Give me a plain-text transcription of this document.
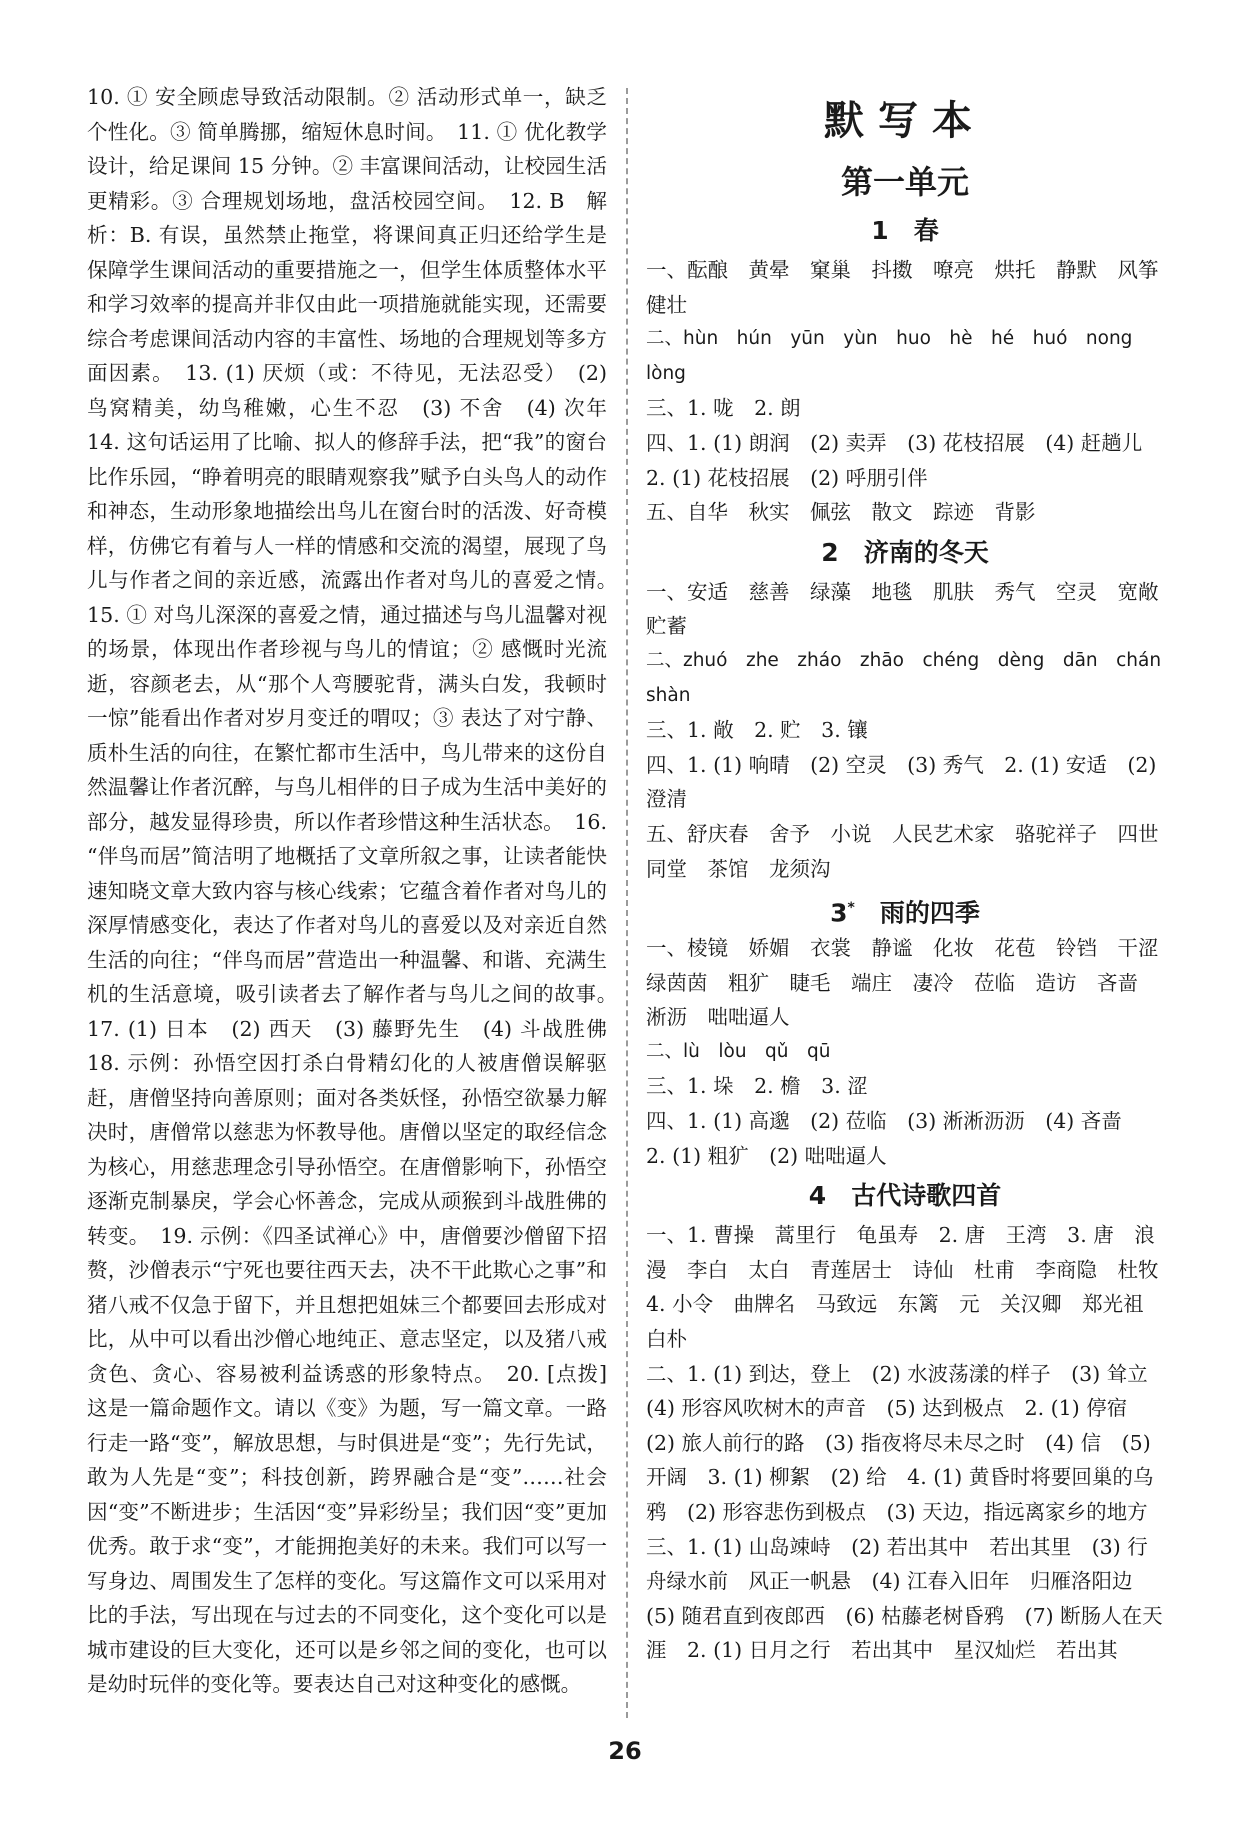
10. ① 安全顾虑导致活动限制。② 活动形式单一，缺乏个性化。③ 简单腾挪，缩短休息时间。　11. ① 优化教学设计，给足课间 15 分钟。② 丰富课间活动，让校园生活更精彩。③ 合理规划场地，盘活校园空间。　12. B　解析：B. 有误，虽然禁止拖堂，将课间真正归还给学生是保障学生课间活动的重要措施之一，但学生体质整体水平和学习效率的提高并非仅由此一项措施就能实现，还需要综合考虑课间活动内容的丰富性、场地的合理规划等多方面因素。　13. (1) 厌烦（或：不待见，无法忍受）　(2) 鸟窝精美，幼鸟稚嫩，心生不忍　(3) 不舍　(4) 次年　14. 这句话运用了比喻、拟人的修辞手法，把“我”的窗台比作乐园，“睁着明亮的眼睛观察我”赋予白头鸟人的动作和神态，生动形象地描绘出鸟儿在窗台时的活泼、好奇模样，仿佛它有着与人一样的情感和交流的渴望，展现了鸟儿与作者之间的亲近感，流露出作者对鸟儿的喜爱之情。　15. ① 对鸟儿深深的喜爱之情，通过描述与鸟儿温馨对视的场景，体现出作者珍视与鸟儿的情谊；② 感慨时光流逝，容颜老去，从“那个人弯腰驼背，满头白发，我顿时一惊”能看出作者对岁月变迁的喟叹；③ 表达了对宁静、质朴生活的向往，在繁忙都市生活中，鸟儿带来的这份自然温馨让作者沉醉，与鸟儿相伴的日子成为生活中美好的部分，越发显得珍贵，所以作者珍惜这种生活状态。　16. “伴鸟而居”简洁明了地概括了文章所叙之事，让读者能快速知晓文章大致内容与核心线索；它蕴含着作者对鸟儿的深厚情感变化，表达了作者对鸟儿的喜爱以及对亲近自然生活的向往；“伴鸟而居”营造出一种温馨、和谐、充满生机的生活意境，吸引读者去了解作者与鸟儿之间的故事。　17. (1) 日本　(2) 西天　(3) 藤野先生　(4) 斗战胜佛　18. 示例：孙悟空因打杀白骨精幻化的人被唐僧误解驱赶，唐僧坚持向善原则；面对各类妖怪，孙悟空欲暴力解决时，唐僧常以慈悲为怀教导他。唐僧以坚定的取经信念为核心，用慈悲理念引导孙悟空。在唐僧影响下，孙悟空逐渐克制暴戾，学会心怀善念，完成从顽猴到斗战胜佛的转变。　19. 示例：《四圣试禅心》中，唐僧要沙僧留下招赘，沙僧表示“宁死也要往西天去，决不干此欺心之事”和猪八戒不仅急于留下，并且想把姐妹三个都要回去形成对比，从中可以看出沙僧心地纯正、意志坚定，以及猪八戒贪色、贪心、容易被利益诱惑的形象特点。　20. [点拨] 这是一篇命题作文。请以《变》为题，写一篇文章。一路行走一路“变”，解放思想，与时俱进是“变”；先行先试，敢为人先是“变”；科技创新，跨界融合是“变”……社会因“变”不断进步；生活因“变”异彩纷呈；我们因“变”更加优秀。敢于求“变”，才能拥抱美好的未来。我们可以写一写身边、周围发生了怎样的变化。写这篇作文可以采用对比的手法，写出现在与过去的不同变化，这个变化可以是城市建设的巨大变化，还可以是乡邻之间的变化，也可以是幼时玩伴的变化等。要表达自己对这种变化的感慨。

默写本
第一单元
1　春

一、酝酿　黄晕　窠巢　抖擞　嘹亮　烘托　静默　风筝　健壮

二、hùn　hún　yūn　yùn　huo　hè　hé　huó　nong　lòng

三、1. 咙　2. 朗

四、1. (1) 朗润　(2) 卖弄　(3) 花枝招展　(4) 赶趟儿

2. (1) 花枝招展　(2) 呼朋引伴

五、自华　秋实　佩弦　散文　踪迹　背影

2　济南的冬天

一、安适　慈善　绿藻　地毯　肌肤　秀气　空灵　宽敞　贮蓄

二、zhuó　zhe　zháo　zhāo　chéng　dèng　dān　chán　shàn

三、1. 敞　2. 贮　3. 镶

四、1. (1) 响晴　(2) 空灵　(3) 秀气　2. (1) 安适　(2) 澄清

五、舒庆春　舍予　小说　人民艺术家　骆驼祥子　四世同堂　茶馆　龙须沟

3*　雨的四季

一、棱镜　娇媚　衣裳　静谧　化妆　花苞　铃铛　干涩　绿茵茵　粗犷　睫毛　端庄　凄冷　莅临　造访　吝啬　淅沥　咄咄逼人

二、lù　lòu　qǔ　qū

三、1. 垛　2. 檐　3. 涩

四、1. (1) 高邈　(2) 莅临　(3) 淅淅沥沥　(4) 吝啬

2. (1) 粗犷　(2) 咄咄逼人

4　古代诗歌四首

一、1. 曹操　蒿里行　龟虽寿　2. 唐　王湾　3. 唐　浪漫　李白　太白　青莲居士　诗仙　杜甫　李商隐　杜牧　4. 小令　曲牌名　马致远　东篱　元　关汉卿　郑光祖　白朴

二、1. (1) 到达，登上　(2) 水波荡漾的样子　(3) 耸立　(4) 形容风吹树木的声音　(5) 达到极点　2. (1) 停宿　(2) 旅人前行的路　(3) 指夜将尽未尽之时　(4) 信　(5) 开阔　3. (1) 柳絮　(2) 给　4. (1) 黄昏时将要回巢的乌鸦　(2) 形容悲伤到极点　(3) 天边，指远离家乡的地方

三、1. (1) 山岛竦峙　(2) 若出其中　若出其里　(3) 行舟绿水前　风正一帆悬　(4) 江春入旧年　归雁洛阳边　(5) 随君直到夜郎西　(6) 枯藤老树昏鸦　(7) 断肠人在天涯　2. (1) 日月之行　若出其中　星汉灿烂　若出其

26
